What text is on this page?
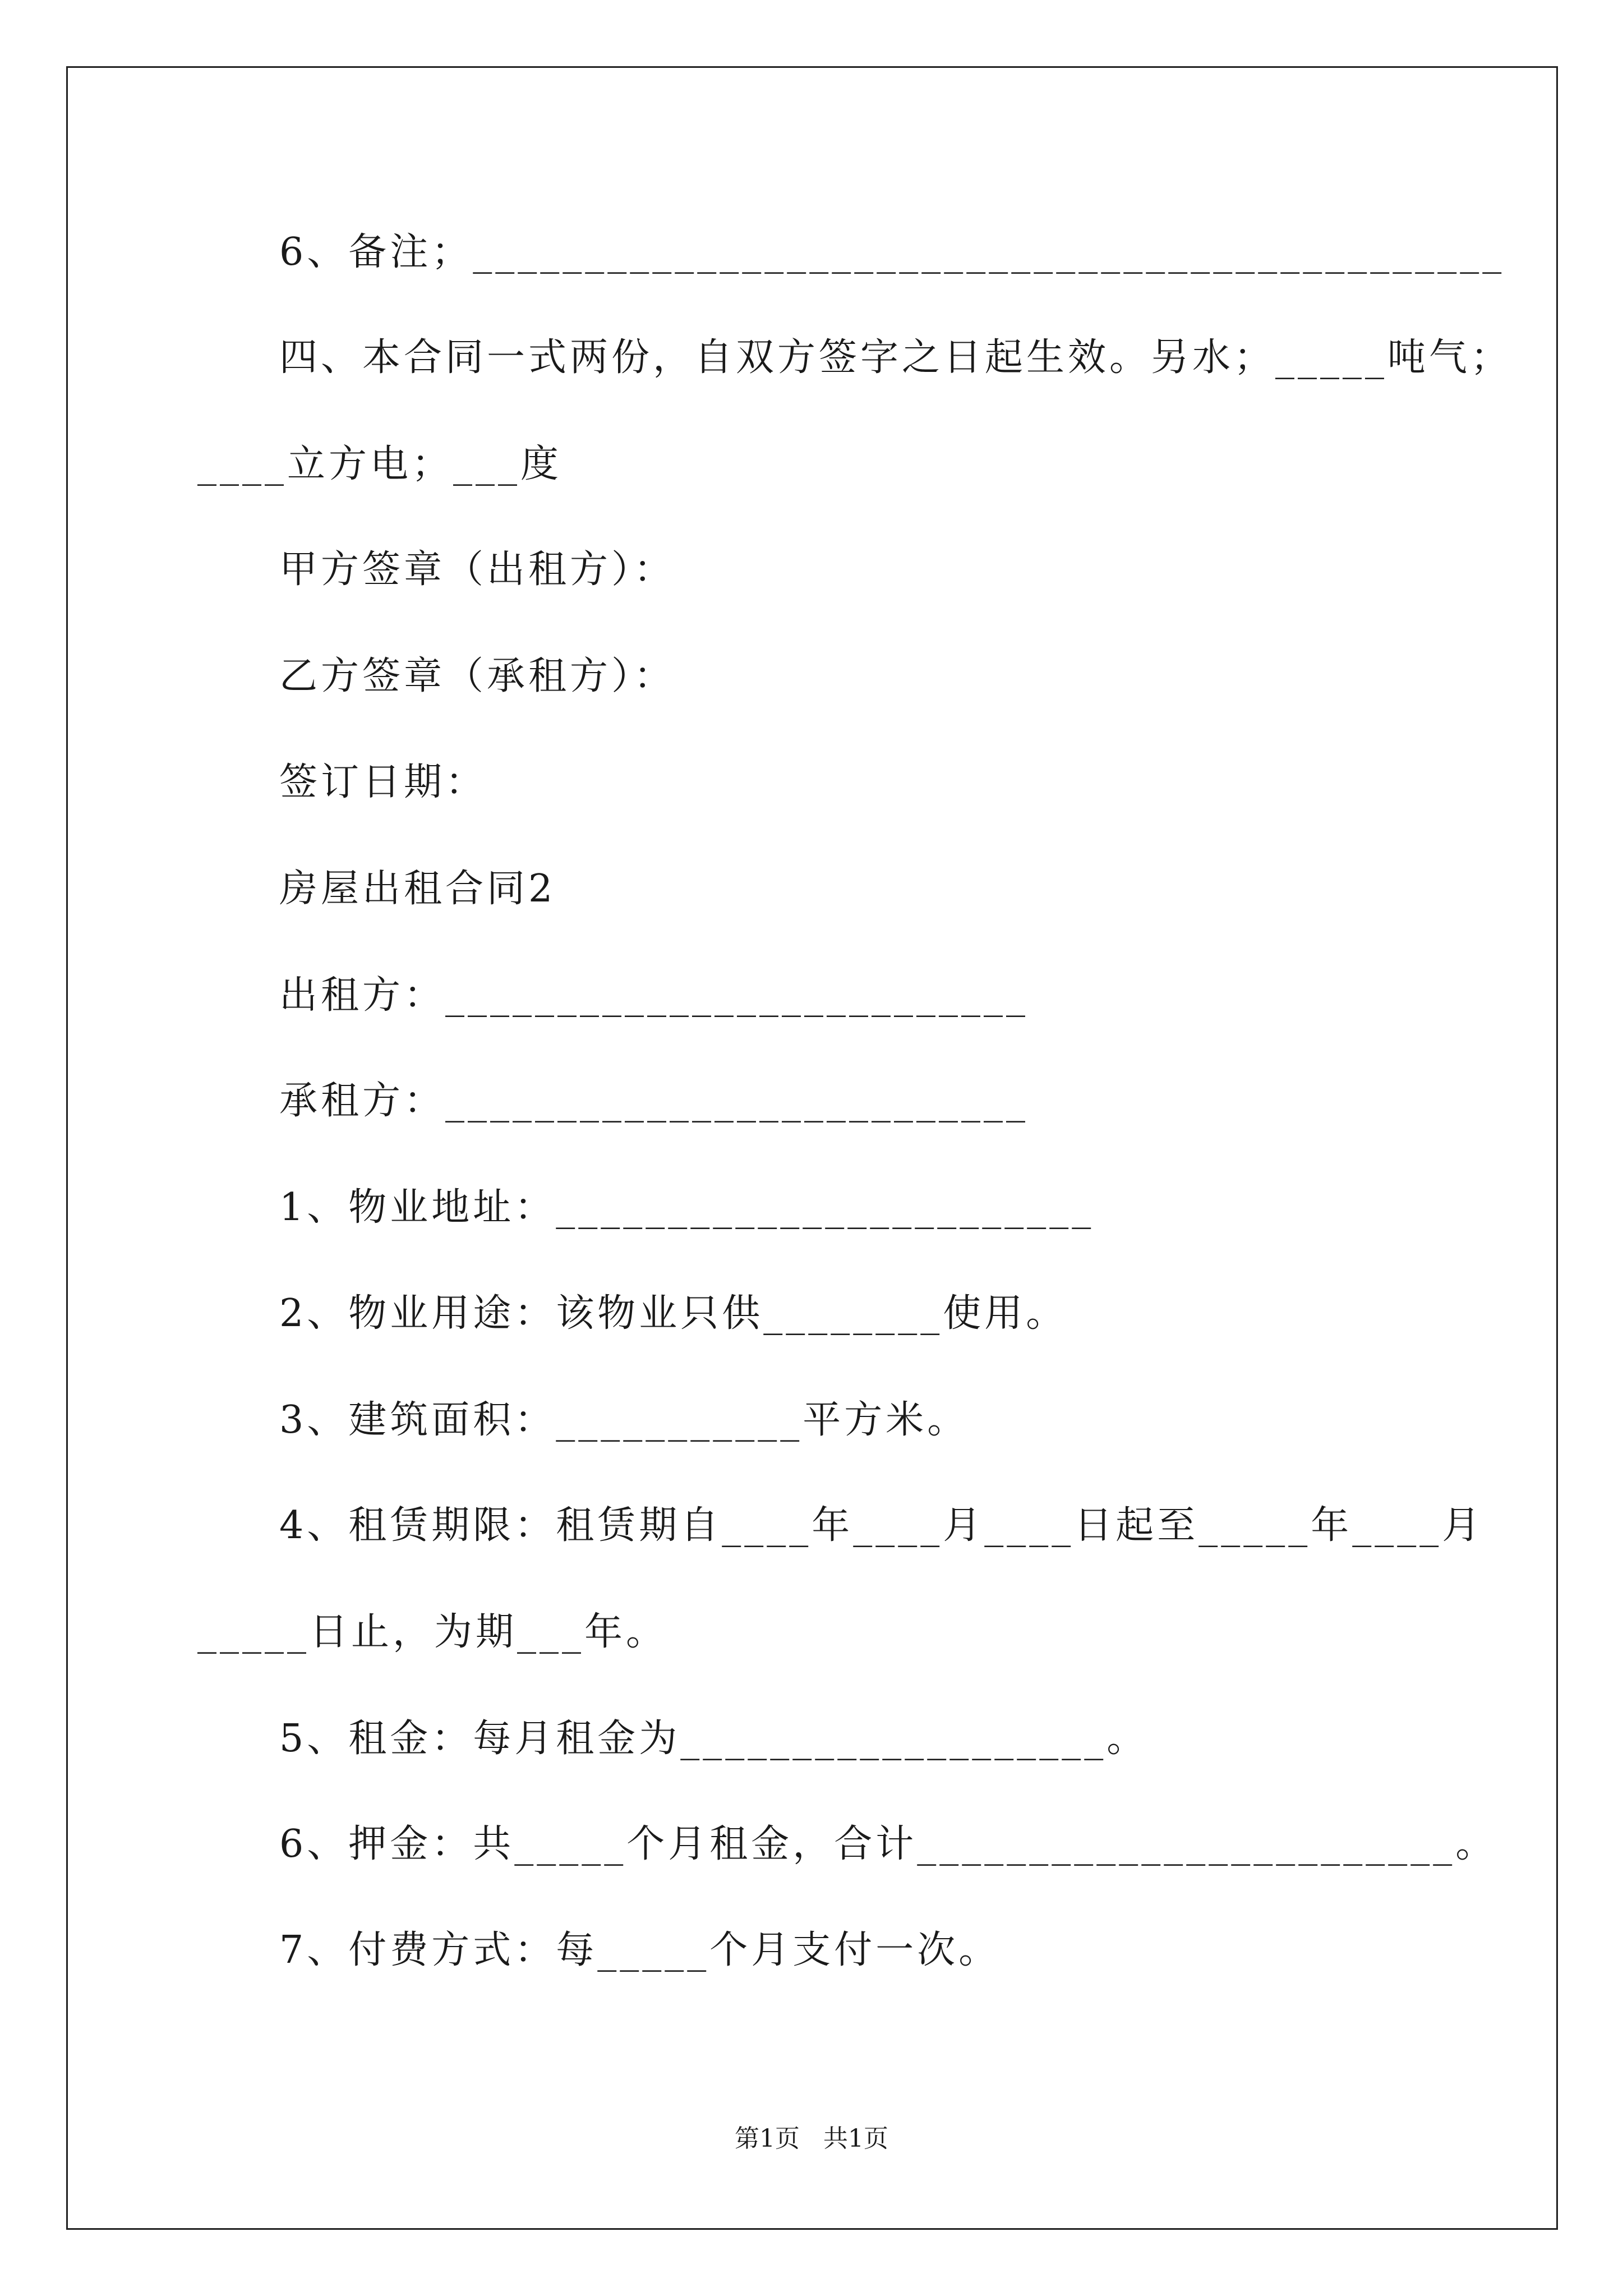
6、备注；______________________________________________
四、本合同一式两份，自双方签字之日起生效。另水；_____吨气；
____立方电；___度
甲方签章（出租方）：
乙方签章（承租方）：
签订日期：
房屋出租合同2
出租方：__________________________
承租方：__________________________
1、物业地址：________________________
2、物业用途：该物业只供________使用。
3、建筑面积：___________平方米。
4、租赁期限：租赁期自____年____月____日起至_____年____月
_____日止，为期___年。
5、租金：每月租金为___________________。
6、押金：共_____个月租金，合计________________________。
7、付费方式：每_____个月支付一次。
第1页   共1页
